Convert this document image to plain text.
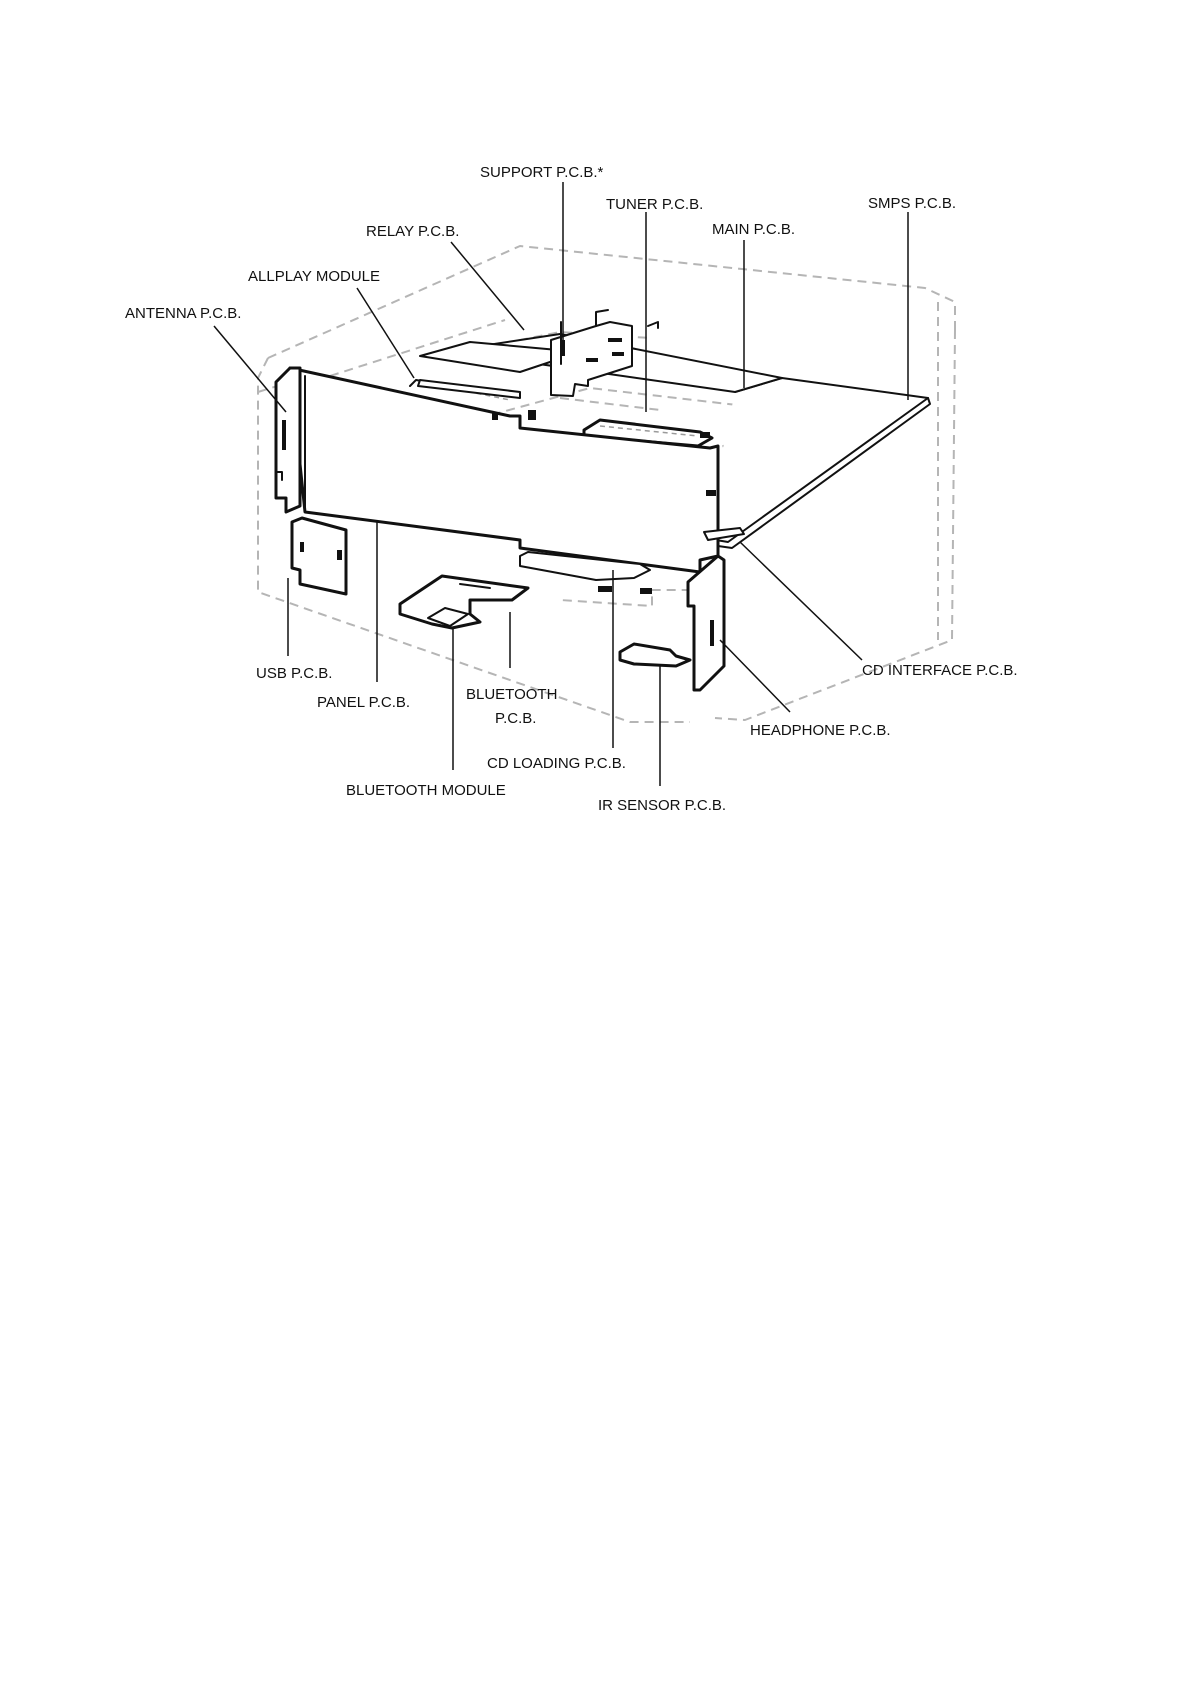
SUPPORT P.C.B.*
TUNER P.C.B.	SMPS P.C.B.
RELAY P.C.B.	MAIN P.C.B.
ALLPLAY MODULE
ANTENNA P.C.B.
USB P.C.B.
PANEL P.C.B.	BLUETOOTH
P.C.B.
CD INTERFACE P.C.B.
HEADPHONE P.C.B.
CD LOADING P.C.B.
BLUETOOTH MODULE
IR SENSOR P.C.B.
